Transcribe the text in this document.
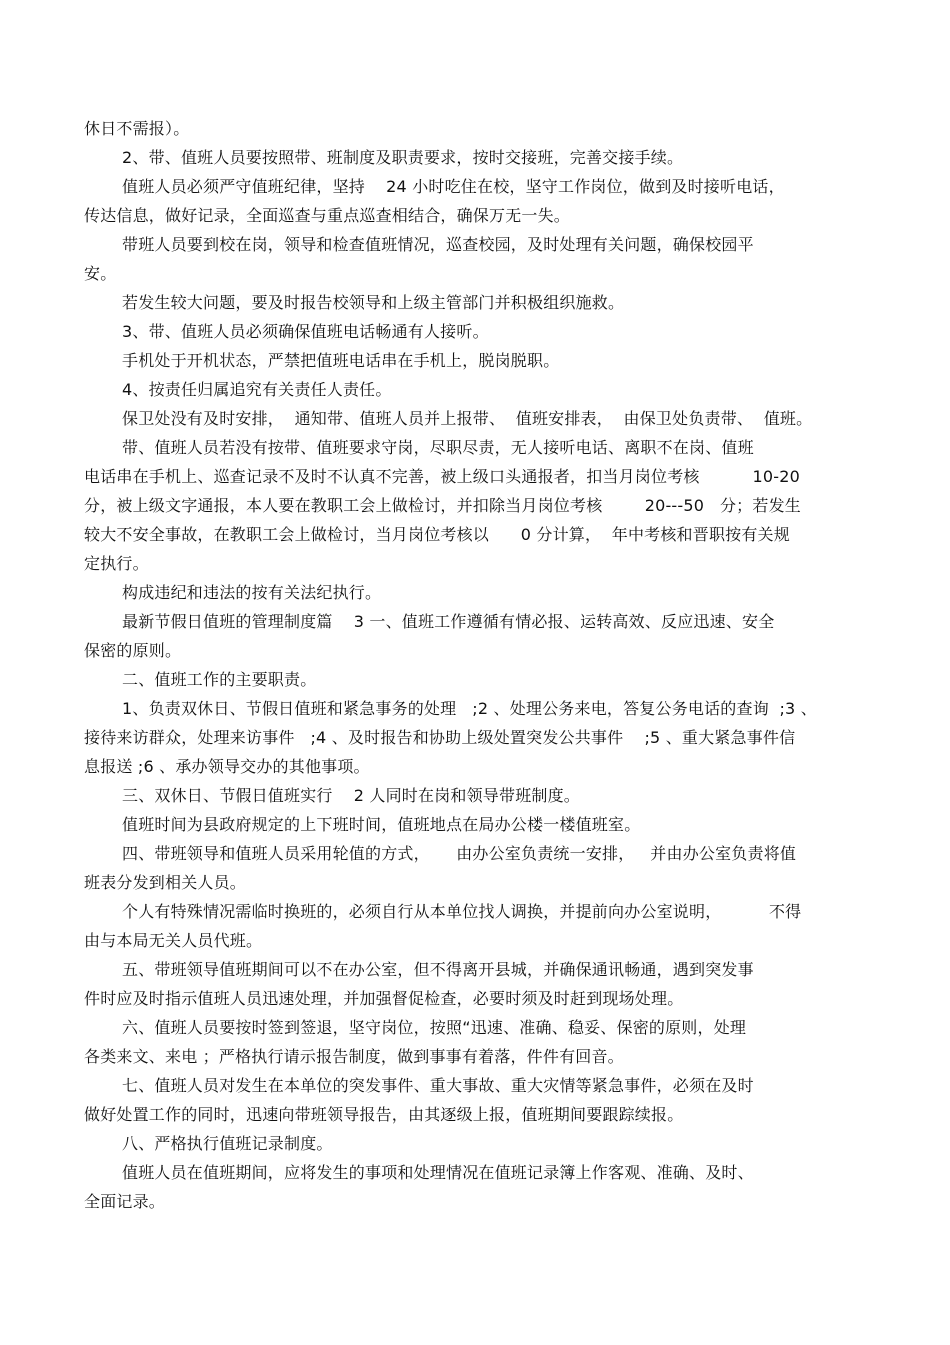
休日不需报）。
2、带、值班人员要按照带、班制度及职责要求，按时交接班，完善交接手续。
值班人员必须严守值班纪律，坚持    24 小时吃住在校，坚守工作岗位，做到及时接听电话，
传达信息，做好记录，全面巡查与重点巡查相结合，确保万无一失。
带班人员要到校在岗，领导和检查值班情况，巡查校园，及时处理有关问题，确保校园平
安。
若发生较大问题，要及时报告校领导和上级主管部门并积极组织施救。
3、带、值班人员必须确保值班电话畅通有人接听。
手机处于开机状态，严禁把值班电话串在手机上，脱岗脱职。
4、按责任归属追究有关责任人责任。
保卫处没有及时安排，  通知带、值班人员并上报带、  值班安排表，  由保卫处负责带、  值班。
带、值班人员若没有按带、值班要求守岗，尽职尽责，无人接听电话、离职不在岗、值班
电话串在手机上、巡查记录不及时不认真不完善，被上级口头通报者，扣当月岗位考核          10-20
分，被上级文字通报，本人要在教职工会上做检讨，并扣除当月岗位考核        20---50   分；若发生
较大不安全事故，在教职工会上做检讨，当月岗位考核以      0 分计算，  年中考核和晋职按有关规
定执行。
构成违纪和违法的按有关法纪执行。
最新节假日值班的管理制度篇    3 一、值班工作遵循有情必报、运转高效、反应迅速、安全
保密的原则。
二、值班工作的主要职责。
1、负责双休日、节假日值班和紧急事务的处理   ;2 、处理公务来电，答复公务电话的查询  ;3 、
接待来访群众，处理来访事件   ;4 、及时报告和协助上级处置突发公共事件    ;5 、重大紧急事件信
息报送 ;6 、承办领导交办的其他事项。
三、双休日、节假日值班实行    2 人同时在岗和领导带班制度。
值班时间为县政府规定的上下班时间，值班地点在局办公楼一楼值班室。
四、带班领导和值班人员采用轮值的方式，     由办公室负责统一安排，   并由办公室负责将值
班表分发到相关人员。
个人有特殊情况需临时换班的，必须自行从本单位找人调换，并提前向办公室说明，         不得
由与本局无关人员代班。
五、带班领导值班期间可以不在办公室，但不得离开县城，并确保通讯畅通，遇到突发事
件时应及时指示值班人员迅速处理，并加强督促检查，必要时须及时赶到现场处理。
六、值班人员要按时签到签退，坚守岗位，按照“迅速、准确、稳妥、保密的原则，处理
各类来文、来电 ；严格执行请示报告制度，做到事事有着落，件件有回音。
七、值班人员对发生在本单位的突发事件、重大事故、重大灾情等紧急事件，必须在及时
做好处置工作的同时，迅速向带班领导报告，由其逐级上报，值班期间要跟踪续报。
八、严格执行值班记录制度。
值班人员在值班期间，应将发生的事项和处理情况在值班记录簿上作客观、准确、及时、
全面记录。
